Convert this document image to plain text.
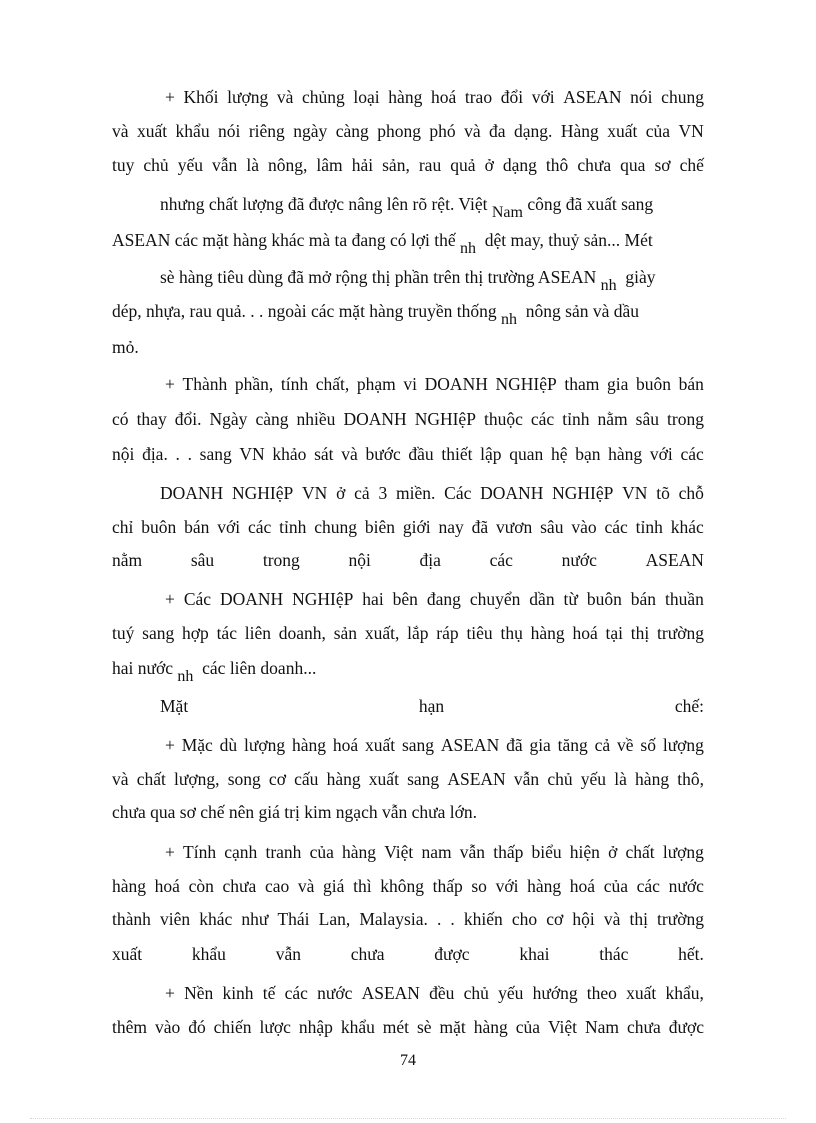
+ Khối lượng và chủng loại hàng hoá trao đổi với ASEAN nói chung
và xuất khẩu nói riêng ngày càng phong phó và đa dạng. Hàng xuất của VN
tuy chủ yếu vẫn là nông, lâm hải sản, rau quả ở dạng thô chưa qua sơ chế
nhưng chất lượng đã được nâng lên rõ rệt. Việt Nam công đã xuất sang
ASEAN các mặt hàng khác mà ta đang có lợi thế nh dệt may, thuỷ sản... Mét
sè hàng tiêu dùng đã mở rộng thị phần trên thị trường ASEAN nh giày
dép, nhựa, rau quả. . . ngoài các mặt hàng truyền thống nh nông sản và dầu
mỏ.
+ Thành phần, tính chất, phạm vi DOANH NGHIệP tham gia buôn bán
có thay đổi. Ngày càng nhiều DOANH NGHIệP thuộc các tỉnh nằm sâu trong
nội địa. . . sang VN khảo sát và bước đầu thiết lập quan hệ bạn hàng với các
DOANH NGHIệP VN ở cả 3 miền. Các DOANH NGHIệP VN tõ chỗ
chỉ buôn bán với các tỉnh chung biên giới nay đã vươn sâu vào các tỉnh khác
nằm	sâu	trong	nội	địa	các	nước	ASEAN
+ Các DOANH NGHIệP hai bên đang chuyển dần từ buôn bán thuần
tuý sang hợp tác liên doanh, sản xuất, lắp ráp tiêu thụ hàng hoá tại thị trường
hai nước nh các liên doanh...
Mặt	hạn	chế:
+ Mặc dù lượng hàng hoá xuất sang ASEAN đã gia tăng cả về số lượng
và chất lượng, song cơ cấu hàng xuất sang ASEAN vẫn chủ yếu là hàng thô,
chưa qua sơ chế nên giá trị kim ngạch vẫn chưa lớn.
+ Tính cạnh tranh của hàng Việt nam vẫn thấp biểu hiện ở chất lượng
hàng hoá còn chưa cao và giá thì không thấp so với hàng hoá của các nước
thành viên khác như Thái Lan, Malaysia. . . khiến cho cơ hội và thị trường
xuất	khẩu	vẫn	chưa	được	khai	thác	hết.
+ Nền kinh tế các nước ASEAN đều chủ yếu hướng theo xuất khẩu,
thêm vào đó chiến lược nhập khẩu mét sè mặt hàng của Việt Nam chưa được
74
